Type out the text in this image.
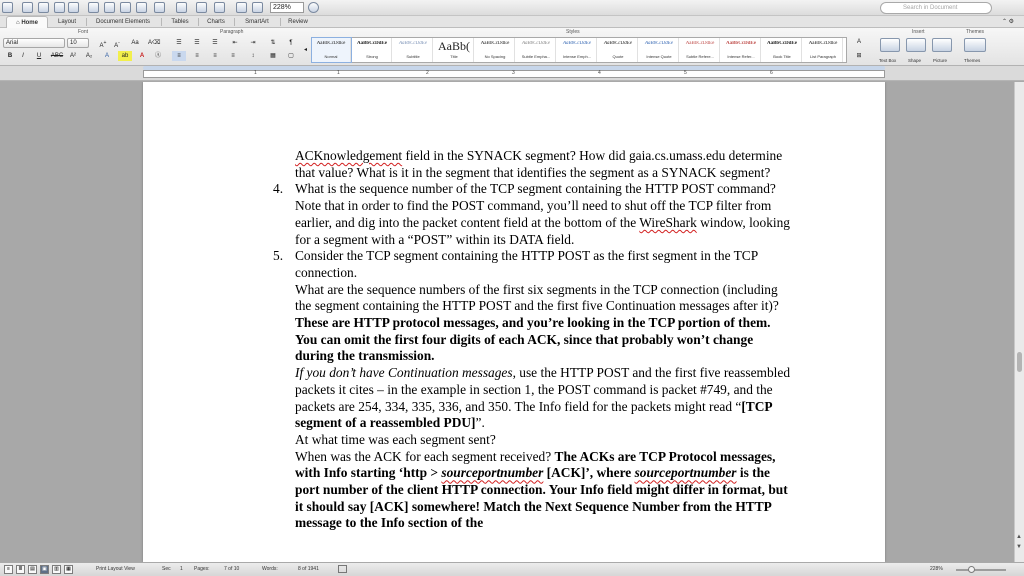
228%	Search in Document
⌂ Home	Layout	Document Elements	Tables	Charts	SmartArt	Review	⌃ ⚙
Font	Paragraph	Styles	Insert	Themes
Arial	10	A+	A-	Aa	A⌫
B	I	U	ABC	A²	A₂	A	ab	A	Ⓐ
☰	☰	☰	⇤	⇥	⇅	¶
≡	≡	≡	≡	↕	▦	▢
◂
AaBbCcDdEe
Normal
AaBbCcDdEe
Strong
AaBbCcDdEe
Subtitle
AaBb(
Title
AaBbCcDdEe
No Spacing
AaBbCcDdEe
Subtle Empha...
AaBbCcDdEe
Intense Emph...
AaBbCcDdEe
Quote
AaBbCcDdEe
Intense Quote
AaBbCcDdEe
Subtle Refere...
AaBbCcDdEe
Intense Refer...
AaBbCcDdEe
Book Title
AaBbCcDdEe
List Paragraph
A
⊞
Text Box	Shape	Picture	Themes
1	1	2	3	4	5	6
ACKnowledgement field in the SYNACK segment? How did gaia.cs.umass.edu determine that value? What is it in the segment that identifies the segment as a SYNACK segment?
4. What is the sequence number of the TCP segment containing the HTTP POST command? Note that in order to find the POST command, you’ll need to shut off the TCP filter from earlier, and dig into the packet content field at the bottom of the WireShark window, looking for a segment with a “POST” within its DATA field.
5. Consider the TCP segment containing the HTTP POST as the first segment in the TCP connection.
What are the sequence numbers of the first six segments in the TCP connection (including the segment containing the HTTP POST and the first five Continuation messages after it)? These are HTTP protocol messages, and you’re looking in the TCP portion of them. You can omit the first four digits of each ACK, since that probably won’t change during the transmission.
If you don’t have Continuation messages, use the HTTP POST and the first five reassembled packets it cites – in the example in section 1, the POST command is packet #749, and the packets are 254, 334, 335, 336, and 350. The Info field for the packets might read “[TCP segment of a reassembled PDU]”.
At what time was each segment sent?
When was the ACK for each segment received? The ACKs are TCP Protocol messages, with Info starting ‘http > sourceportnumber [ACK]’, where sourceportnumber is the port number of the client HTTP connection. Your Info field might differ in format, but it should say [ACK] somewhere! Match the Next Sequence Number from the HTTP message to the Info section of the
▲
▼
≡	≣	▤	▣	▥	▦	Print Layout View	Sec 1 Pages:	7 of 10	Words:	8 of 1941	228%
